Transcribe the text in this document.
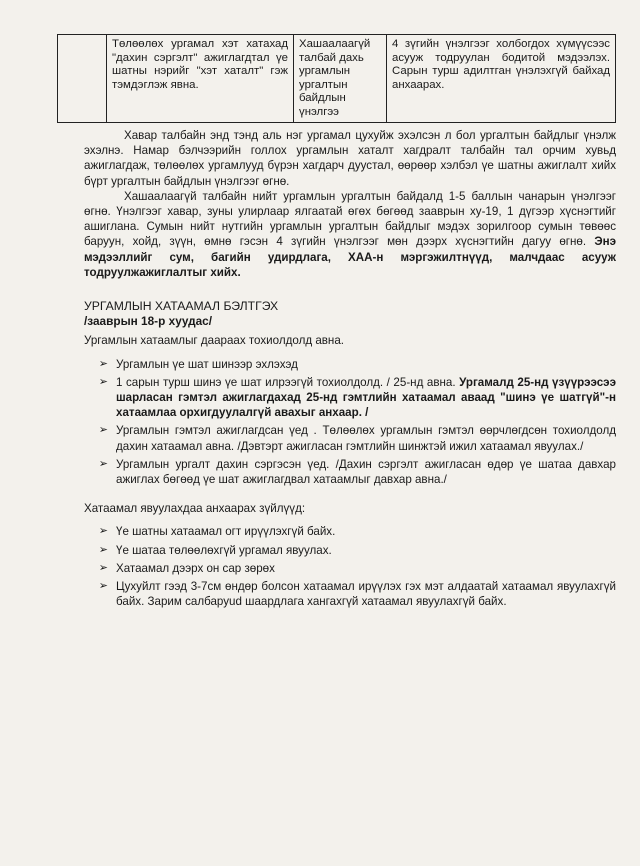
	Төлөөлөх ургамал хэт хатахад "дахин сэргэлт" ажиглагдтал үе шатны нэрийг "хэт хаталт" гэж тэмдэглэж явна.	Хашаалаагүй талбай дахь ургамлын ургалтын байдлын үнэлгээ	4 зүгийн үнэлгээг холбогдох хүмүүсээс асууж тодруулан бодитой мэдээлэх. Сарын турш адилтган үнэлэхгүй байхад анхаарах.

Хавар талбайн энд тэнд аль нэг ургамал цухуйж эхэлсэн л бол ургалтын байдлыг үнэлж эхэлнэ. Намар бэлчээрийн голлох ургамлын хаталт хагдралт талбайн тал орчим хувьд ажиглагдаж, төлөөлөх ургамлууд бүрэн хагдарч дуустал, өөрөөр хэлбэл үе шатны ажиглалт хийх бүрт ургалтын байдлын үнэлгээг өгнө.

Хашаалаагүй талбайн нийт ургамлын ургалтын байдалд 1-5 баллын чанарын үнэлгээг өгнө. Үнэлгээг хавар, зуны улирлаар ялгаатай өгөх бөгөөд зааврын ху-19, 1 дүгээр хүснэгтийг ашиглана. Сумын нийт нутгийн ургамлын ургалтын байдлыг мэдэх зорилгоор сумын төвөөс баруун, хойд, зүүн, өмнө гэсэн 4 зүгийн үнэлгээг мөн дээрх хүснэгтийн дагуу өгнө. Энэ мэдээллийг сум, багийн удирдлага, ХАА-н мэргэжилтнүүд, малчдаас асууж тодруулжажиглалтыг хийх.

УРГАМЛЫН ХАТААМАЛ БЭЛТГЭХ

/зааврын 18-р хуудас/

Ургамлын хатаамлыг даараах тохиолдолд авна.

➢ Ургамлын үе шат шинээр эхлэхэд
➢ 1 сарын турш шинэ үе шат илрээгүй тохиолдолд. / 25-нд авна. Ургамалд 25-нд үзүүрээсээ шарласан гэмтэл ажиглагдахад 25-нд гэмтлийн хатаамал аваад "шинэ үе шатгүй"-н хатаамлаа орхигдуулалгүй авахыг анхаар. /
➢ Ургамлын гэмтэл ажиглагдсан үед . Төлөөлөх ургамлын гэмтэл өөрчлөгдсөн тохиолдолд дахин хатаамал авна. /Дэвтэрт ажигласан гэмтлийн шинжтэй ижил хатаамал явуулах./
➢ Ургамлын ургалт дахин сэргэсэн үед. /Дахин сэргэлт ажигласан өдөр үе шатаа давхар ажиглах бөгөөд үе шат ажиглагдвал хатаамлыг давхар авна./

Хатаамал явуулахдаа анхаарах зүйлүүд:

➢ Үе шатны хатаамал огт ирүүлэхгүй байх.
➢ Үе шатаа төлөөлөхгүй ургамал явуулах.
➢ Хатаамал дээрх он сар зөрөх
➢ Цухуйлт гээд 3-7см өндөр болсон хатаамал ирүүлэх гэх мэт алдаатай хатаамал явуулахгүй байх. Зарим салбаруud шаардлага хангахгүй хатаамал явуулахгүй байх.
